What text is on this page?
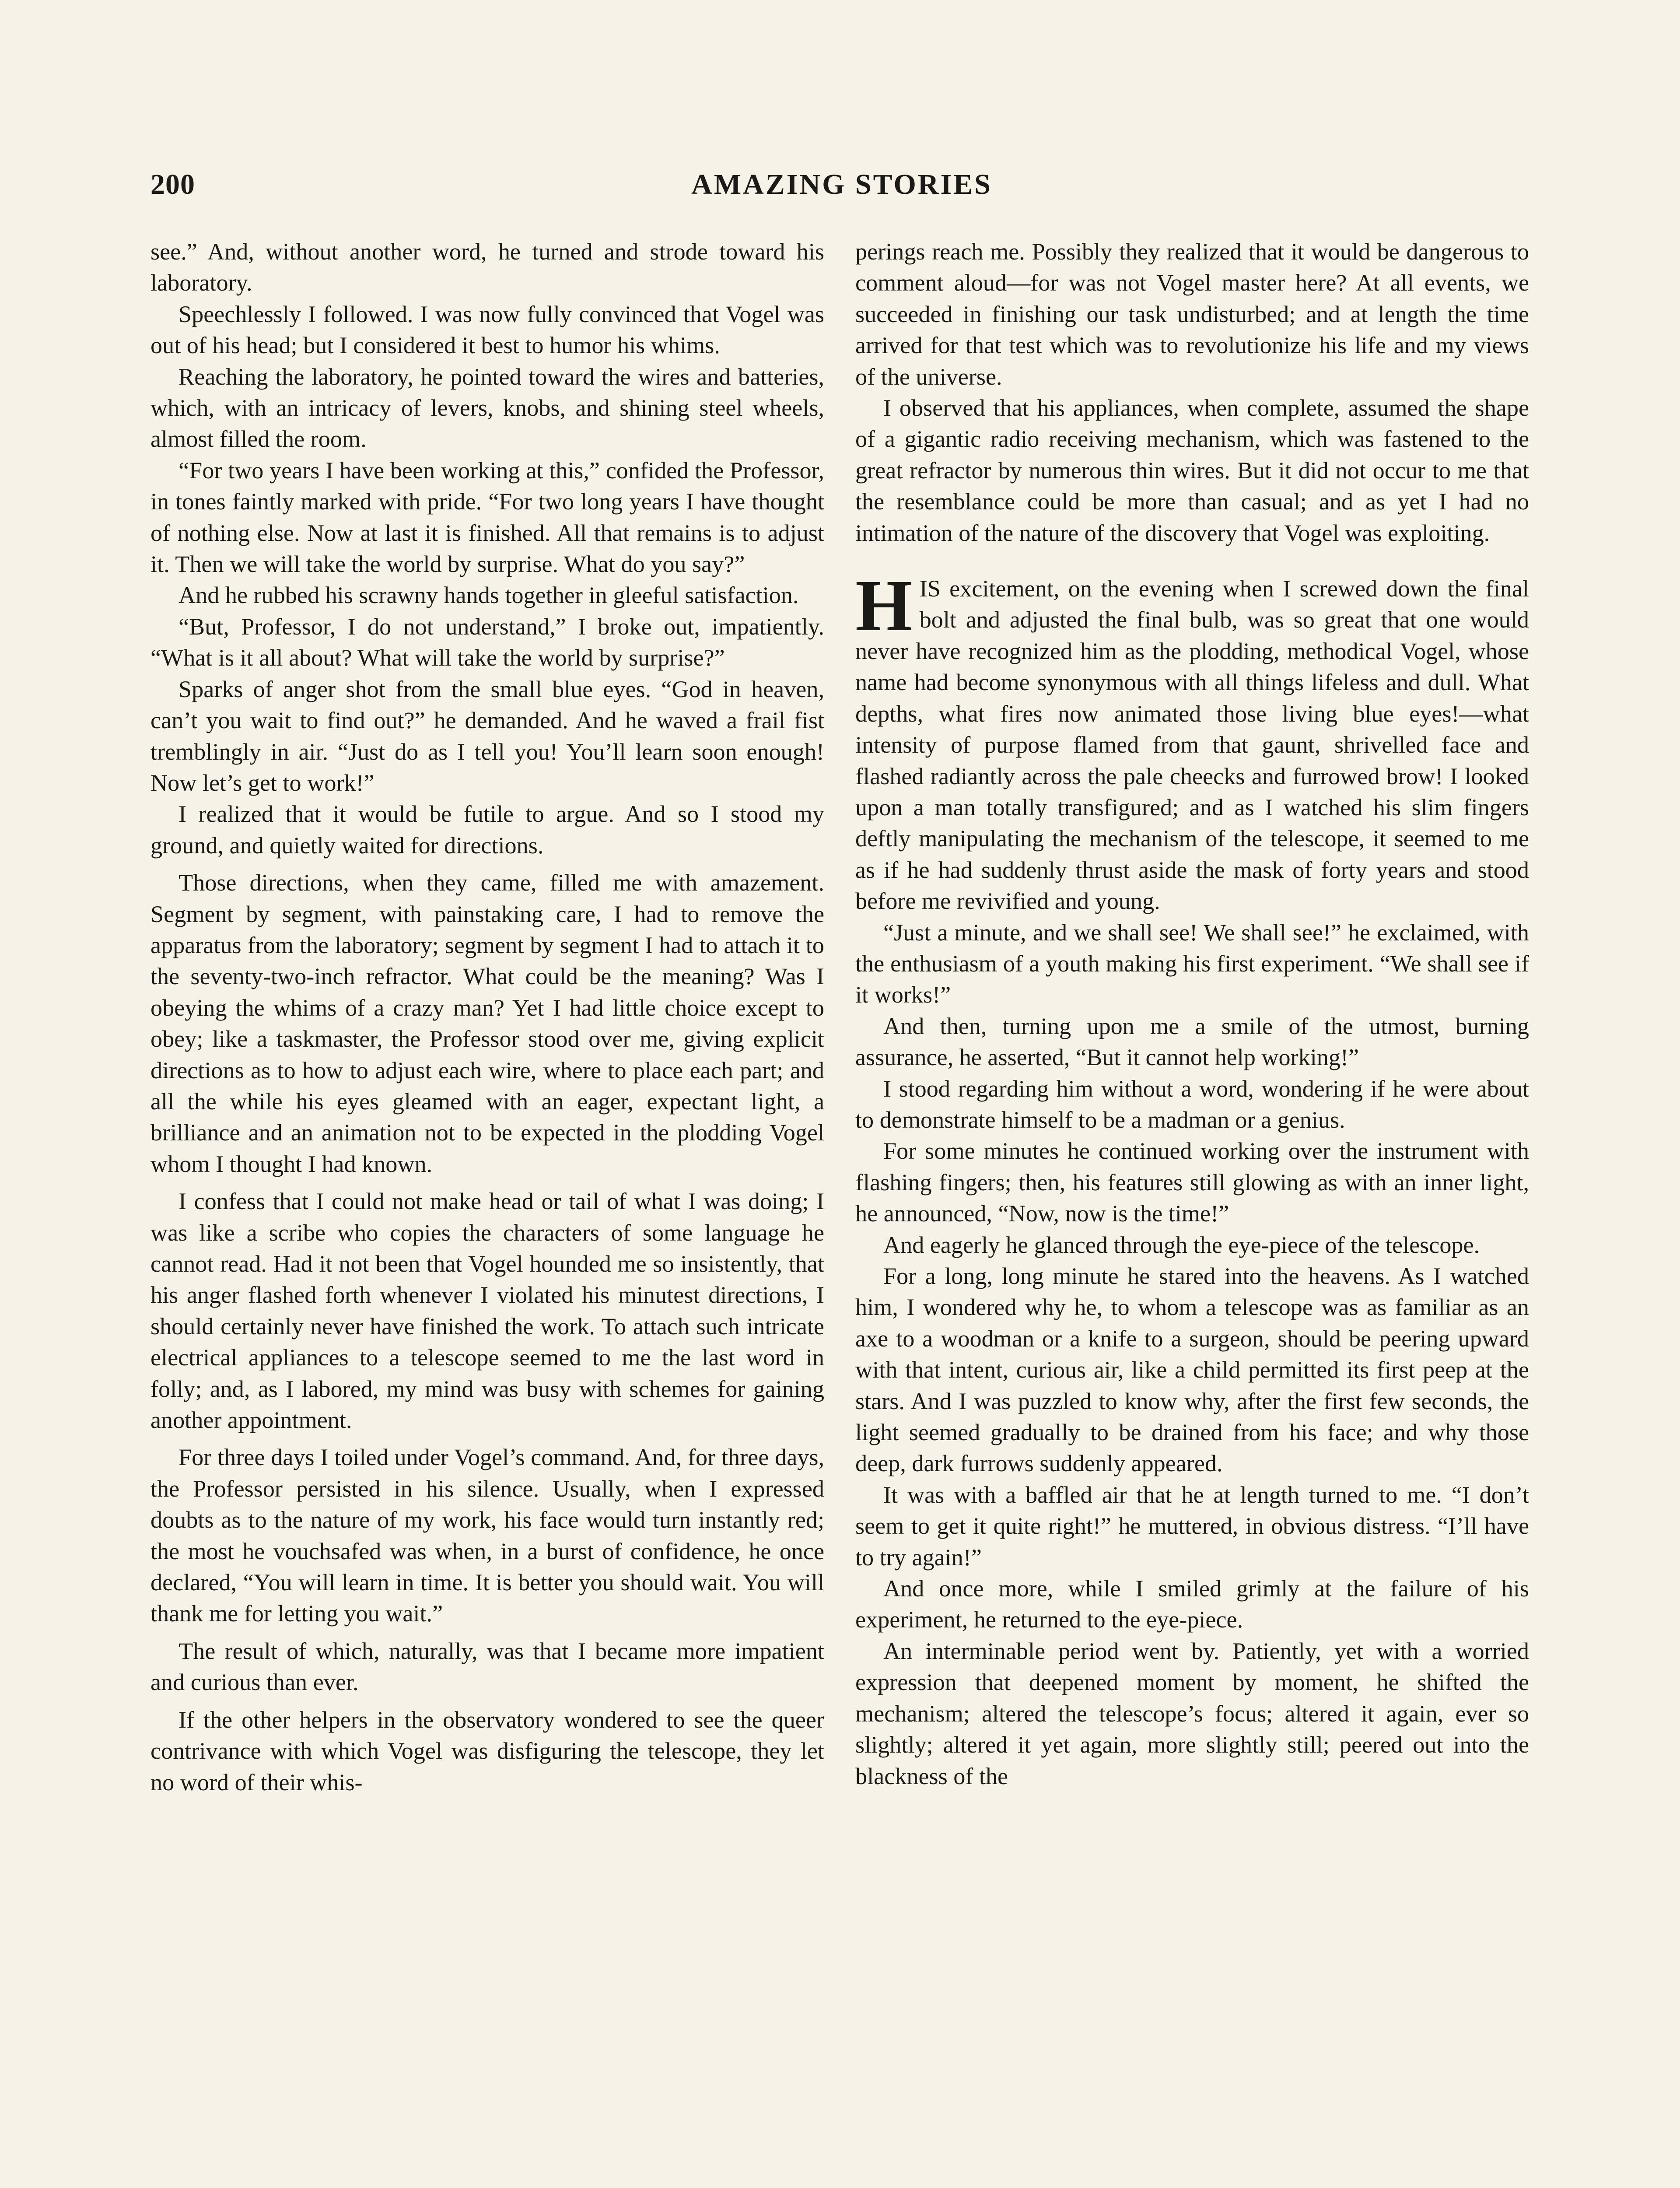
200	AMAZING STORIES

see.” And, without another word, he turned and strode toward his laboratory.

Speechlessly I followed. I was now fully convinced that Vogel was out of his head; but I considered it best to humor his whims.

Reaching the laboratory, he pointed toward the wires and batteries, which, with an intricacy of levers, knobs, and shining steel wheels, almost filled the room.

“For two years I have been working at this,” confided the Professor, in tones faintly marked with pride. “For two long years I have thought of nothing else. Now at last it is finished. All that remains is to adjust it. Then we will take the world by surprise. What do you say?”

And he rubbed his scrawny hands together in gleeful satisfaction.

“But, Professor, I do not understand,” I broke out, impatiently. “What is it all about? What will take the world by surprise?”

Sparks of anger shot from the small blue eyes. “God in heaven, can’t you wait to find out?” he demanded. And he waved a frail fist tremblingly in air. “Just do as I tell you! You’ll learn soon enough! Now let’s get to work!”

I realized that it would be futile to argue. And so I stood my ground, and quietly waited for directions.

Those directions, when they came, filled me with amazement. Segment by segment, with painstaking care, I had to remove the apparatus from the laboratory; segment by segment I had to attach it to the seventy-two-inch refractor. What could be the meaning? Was I obeying the whims of a crazy man? Yet I had little choice except to obey; like a taskmaster, the Professor stood over me, giving explicit directions as to how to adjust each wire, where to place each part; and all the while his eyes gleamed with an eager, expectant light, a brilliance and an animation not to be expected in the plodding Vogel whom I thought I had known.

I confess that I could not make head or tail of what I was doing; I was like a scribe who copies the characters of some language he cannot read. Had it not been that Vogel hounded me so insistently, that his anger flashed forth whenever I violated his minutest directions, I should certainly never have finished the work. To attach such intricate electrical appliances to a telescope seemed to me the last word in folly; and, as I labored, my mind was busy with schemes for gaining another appointment.

For three days I toiled under Vogel’s command. And, for three days, the Professor persisted in his silence. Usually, when I expressed doubts as to the nature of my work, his face would turn instantly red; the most he vouchsafed was when, in a burst of confidence, he once declared, “You will learn in time. It is better you should wait. You will thank me for letting you wait.”

The result of which, naturally, was that I became more impatient and curious than ever.

If the other helpers in the observatory wondered to see the queer contrivance with which Vogel was disfiguring the telescope, they let no word of their whis-

perings reach me. Possibly they realized that it would be dangerous to comment aloud—for was not Vogel master here? At all events, we succeeded in finishing our task undisturbed; and at length the time arrived for that test which was to revolutionize his life and my views of the universe.

I observed that his appliances, when complete, assumed the shape of a gigantic radio receiving mechanism, which was fastened to the great refractor by numerous thin wires. But it did not occur to me that the resemblance could be more than casual; and as yet I had no intimation of the nature of the discovery that Vogel was exploiting.

HIS excitement, on the evening when I screwed down the final bolt and adjusted the final bulb, was so great that one would never have recognized him as the plodding, methodical Vogel, whose name had become synonymous with all things lifeless and dull. What depths, what fires now animated those living blue eyes!—what intensity of purpose flamed from that gaunt, shrivelled face and flashed radiantly across the pale cheecks and furrowed brow! I looked upon a man totally transfigured; and as I watched his slim fingers deftly manipulating the mechanism of the telescope, it seemed to me as if he had suddenly thrust aside the mask of forty years and stood before me revivified and young.

“Just a minute, and we shall see! We shall see!” he exclaimed, with the enthusiasm of a youth making his first experiment. “We shall see if it works!”

And then, turning upon me a smile of the utmost, burning assurance, he asserted, “But it cannot help working!”

I stood regarding him without a word, wondering if he were about to demonstrate himself to be a madman or a genius.

For some minutes he continued working over the instrument with flashing fingers; then, his features still glowing as with an inner light, he announced, “Now, now is the time!”

And eagerly he glanced through the eye-piece of the telescope.

For a long, long minute he stared into the heavens. As I watched him, I wondered why he, to whom a telescope was as familiar as an axe to a woodman or a knife to a surgeon, should be peering upward with that intent, curious air, like a child permitted its first peep at the stars. And I was puzzled to know why, after the first few seconds, the light seemed gradually to be drained from his face; and why those deep, dark furrows suddenly appeared.

It was with a baffled air that he at length turned to me. “I don’t seem to get it quite right!” he muttered, in obvious distress. “I’ll have to try again!”

And once more, while I smiled grimly at the failure of his experiment, he returned to the eye-piece.

An interminable period went by. Patiently, yet with a worried expression that deepened moment by moment, he shifted the mechanism; altered the telescope’s focus; altered it again, ever so slightly; altered it yet again, more slightly still; peered out into the blackness of the
